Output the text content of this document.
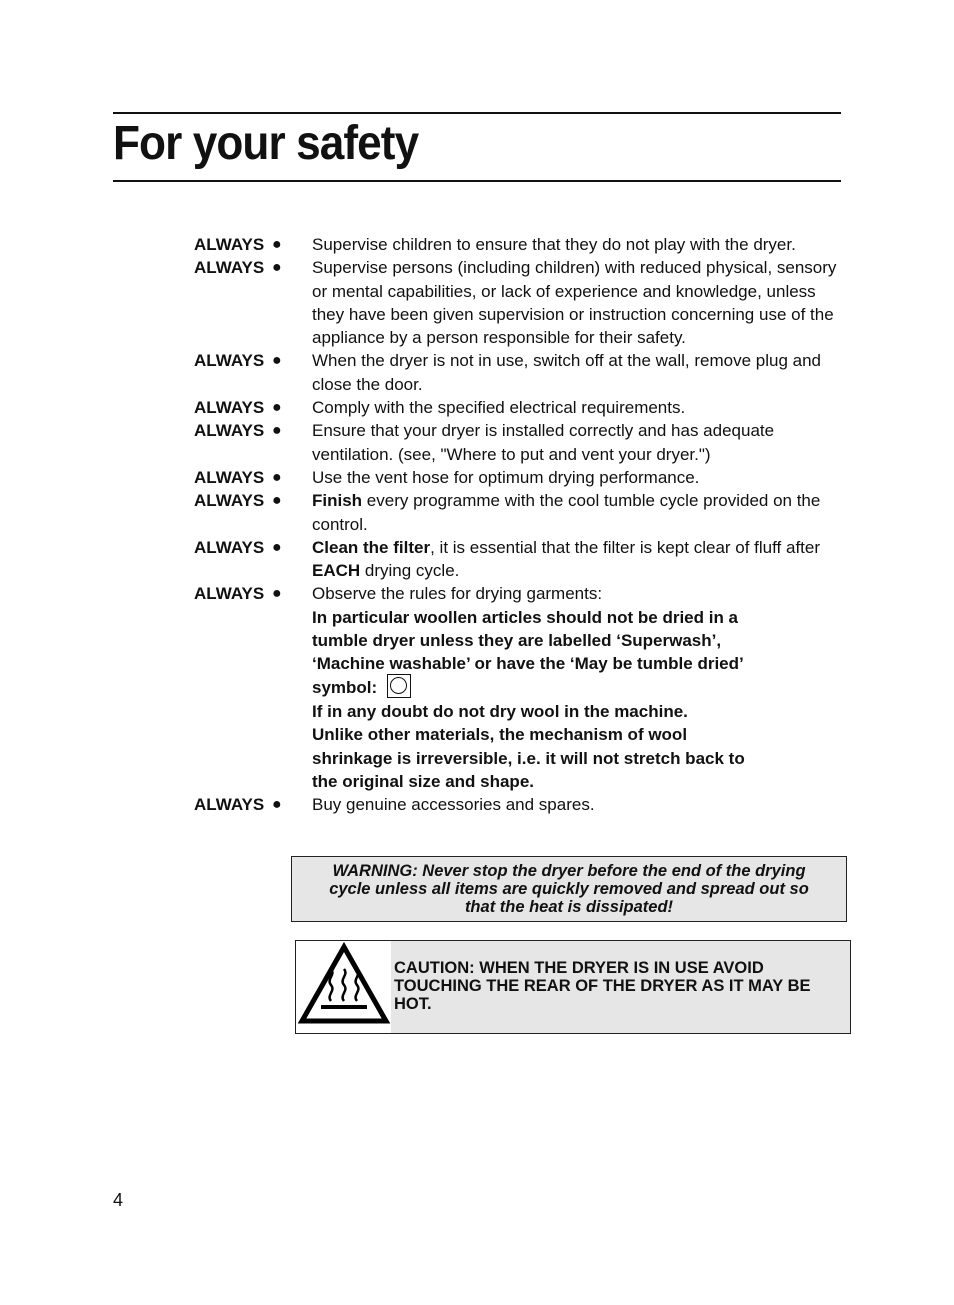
For your safety
ALWAYS ●	Supervise children to ensure that they do not play with the dryer.
ALWAYS ●	Supervise persons (including children) with reduced physical, sensory or mental capabilities, or lack of experience and knowledge, unless they have been given supervision or instruction concerning use of the appliance by a person responsible for their safety.
ALWAYS ●	When the dryer is not in use, switch off at the wall, remove plug and close the door.
ALWAYS ●	Comply with the specified electrical requirements.
ALWAYS ●	Ensure that your dryer is installed correctly and has adequate ventilation. (see, "Where to put and vent your dryer.")
ALWAYS ●	Use the vent hose for optimum drying performance.
ALWAYS ●	Finish every programme with the cool tumble cycle provided on the control.
ALWAYS ●	Clean the filter, it is essential that the filter is kept clear of fluff after EACH drying cycle.
ALWAYS ●	Observe the rules for drying garments:
In particular woollen articles should not be dried in a
tumble dryer unless they are labelled ‘Superwash’,
‘Machine washable’ or have the ‘May be tumble dried’
symbol:
If in any doubt do not dry wool in the machine.
Unlike other materials, the mechanism of wool
shrinkage is irreversible, i.e. it will not stretch back to
the original size and shape.
ALWAYS ●	Buy genuine accessories and spares.
WARNING: Never stop the dryer before the end of the drying
cycle unless all items are quickly removed and spread out so
that the heat is dissipated!
CAUTION: WHEN THE DRYER IS IN USE AVOID
TOUCHING THE REAR OF THE DRYER AS IT MAY BE
HOT.
4
